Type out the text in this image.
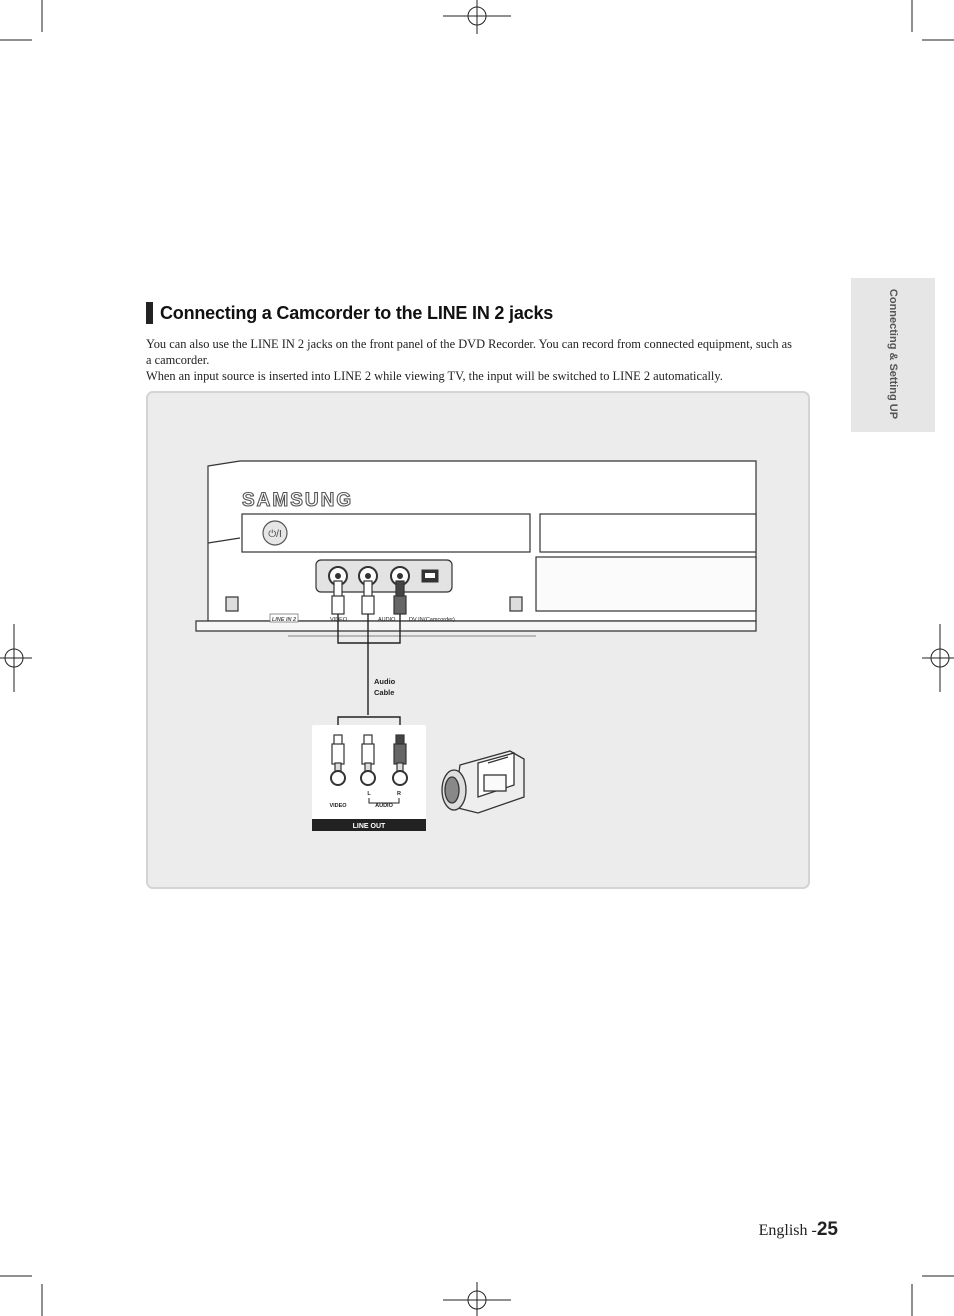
Connecting a Camcorder to the LINE IN 2 jacks

You can also use the LINE IN 2 jacks on the front panel of the DVD Recorder. You can record from connected equipment, such as a camcorder.

When an input source is inserted into LINE 2 while viewing TV, the input will be switched to LINE 2 automatically.	Connecting & Setting UP
SAMSUNG
⏻/I
LINE IN 2	VIDEO	AUDIO DV IN (Camcorder)
Audio
Cable
VIDEO
L	R
AUDIO
LINE OUT
English -25
